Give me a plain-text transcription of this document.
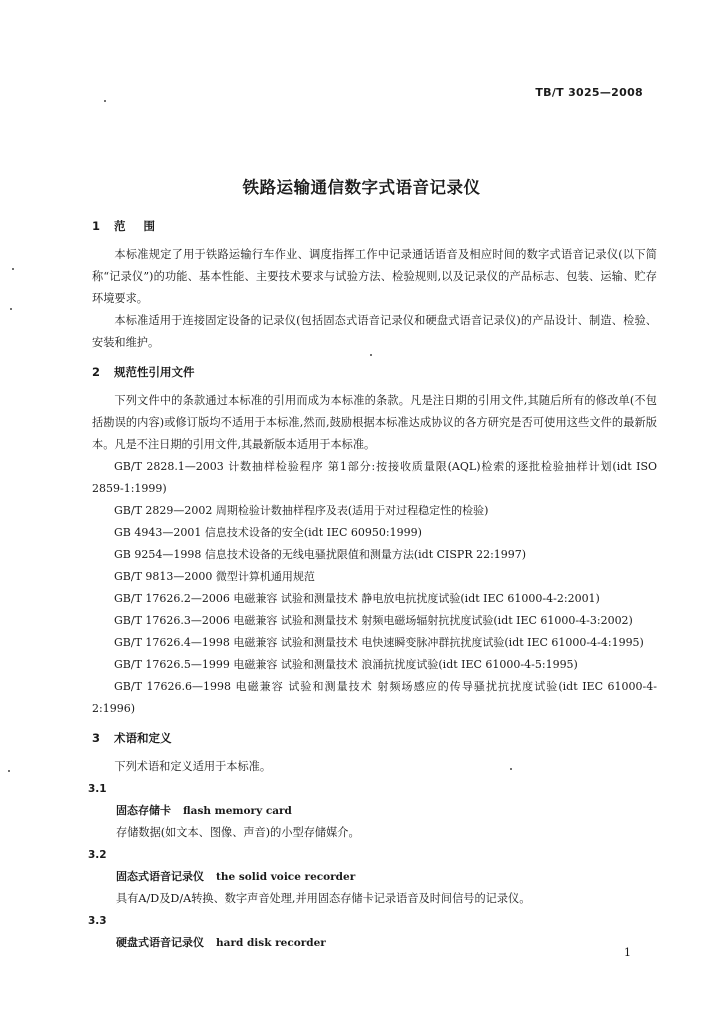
TB/T 3025—2008
铁路运输通信数字式语音记录仪

1 范围

本标准规定了用于铁路运输行车作业、调度指挥工作中记录通话语音及相应时间的数字式语音记录仪(以下简称“记录仪”)的功能、基本性能、主要技术要求与试验方法、检验规则,以及记录仪的产品标志、包装、运输、贮存环境要求。

本标准适用于连接固定设备的记录仪(包括固态式语音记录仪和硬盘式语音记录仪)的产品设计、制造、检验、安装和维护。

2 规范性引用文件

下列文件中的条款通过本标准的引用而成为本标准的条款。凡是注日期的引用文件,其随后所有的修改单(不包括勘误的内容)或修订版均不适用于本标准,然而,鼓励根据本标准达成协议的各方研究是否可使用这些文件的最新版本。凡是不注日期的引用文件,其最新版本适用于本标准。

GB/T 2828.1—2003 计数抽样检验程序 第1部分:按接收质量限(AQL)检索的逐批检验抽样计划(idt ISO 2859-1:1999)

GB/T 2829—2002 周期检验计数抽样程序及表(适用于对过程稳定性的检验)

GB 4943—2001 信息技术设备的安全(idt IEC 60950:1999)

GB 9254—1998 信息技术设备的无线电骚扰限值和测量方法(idt CISPR 22:1997)

GB/T 9813—2000 微型计算机通用规范

GB/T 17626.2—2006 电磁兼容 试验和测量技术 静电放电抗扰度试验(idt IEC 61000-4-2:2001)

GB/T 17626.3—2006 电磁兼容 试验和测量技术 射频电磁场辐射抗扰度试验(idt IEC 61000-4-3:2002)

GB/T 17626.4—1998 电磁兼容 试验和测量技术 电快速瞬变脉冲群抗扰度试验(idt IEC 61000-4-4:1995)

GB/T 17626.5—1999 电磁兼容 试验和测量技术 浪涌抗扰度试验(idt IEC 61000-4-5:1995)

GB/T 17626.6—1998 电磁兼容 试验和测量技术 射频场感应的传导骚扰抗扰度试验(idt IEC 61000-4-2:1996)

3 术语和定义

下列术语和定义适用于本标准。

3.1

固态存储卡 flash memory card

存储数据(如文本、图像、声音)的小型存储媒介。

3.2

固态式语音记录仪 the solid voice recorder

具有A/D及D/A转换、数字声音处理,并用固态存储卡记录语音及时间信号的记录仪。

3.3

硬盘式语音记录仪 hard disk recorder

1
